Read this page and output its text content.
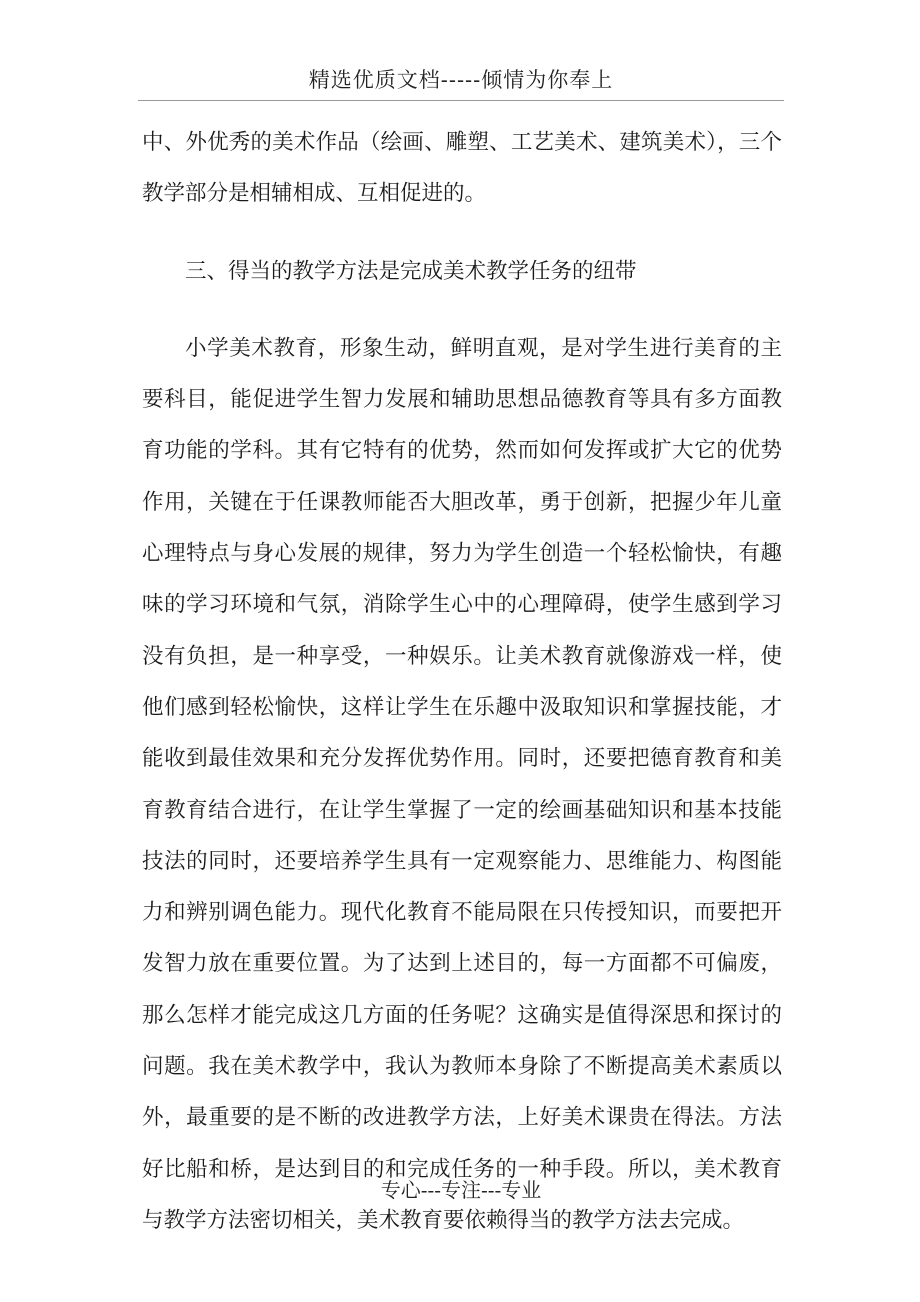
精选优质文档-----倾情为你奉上

中、外优秀的美术作品（绘画、雕塑、工艺美术、建筑美术），三个教学部分是相辅相成、互相促进的。

三、得当的教学方法是完成美术教学任务的纽带

小学美术教育，形象生动，鲜明直观，是对学生进行美育的主要科目，能促进学生智力发展和辅助思想品德教育等具有多方面教育功能的学科。其有它特有的优势，然而如何发挥或扩大它的优势作用，关键在于任课教师能否大胆改革，勇于创新，把握少年儿童心理特点与身心发展的规律，努力为学生创造一个轻松愉快，有趣味的学习环境和气氛，消除学生心中的心理障碍，使学生感到学习没有负担，是一种享受，一种娱乐。让美术教育就像游戏一样，使他们感到轻松愉快，这样让学生在乐趣中汲取知识和掌握技能，才能收到最佳效果和充分发挥优势作用。同时，还要把德育教育和美育教育结合进行，在让学生掌握了一定的绘画基础知识和基本技能技法的同时，还要培养学生具有一定观察能力、思维能力、构图能力和辨别调色能力。现代化教育不能局限在只传授知识，而要把开发智力放在重要位置。为了达到上述目的，每一方面都不可偏废，那么怎样才能完成这几方面的任务呢？这确实是值得深思和探讨的问题。我在美术教学中，我认为教师本身除了不断提高美术素质以外，最重要的是不断的改进教学方法，上好美术课贵在得法。方法好比船和桥，是达到目的和完成任务的一种手段。所以，美术教育与教学方法密切相关，美术教育要依赖得当的教学方法去完成。

专心---专注---专业
